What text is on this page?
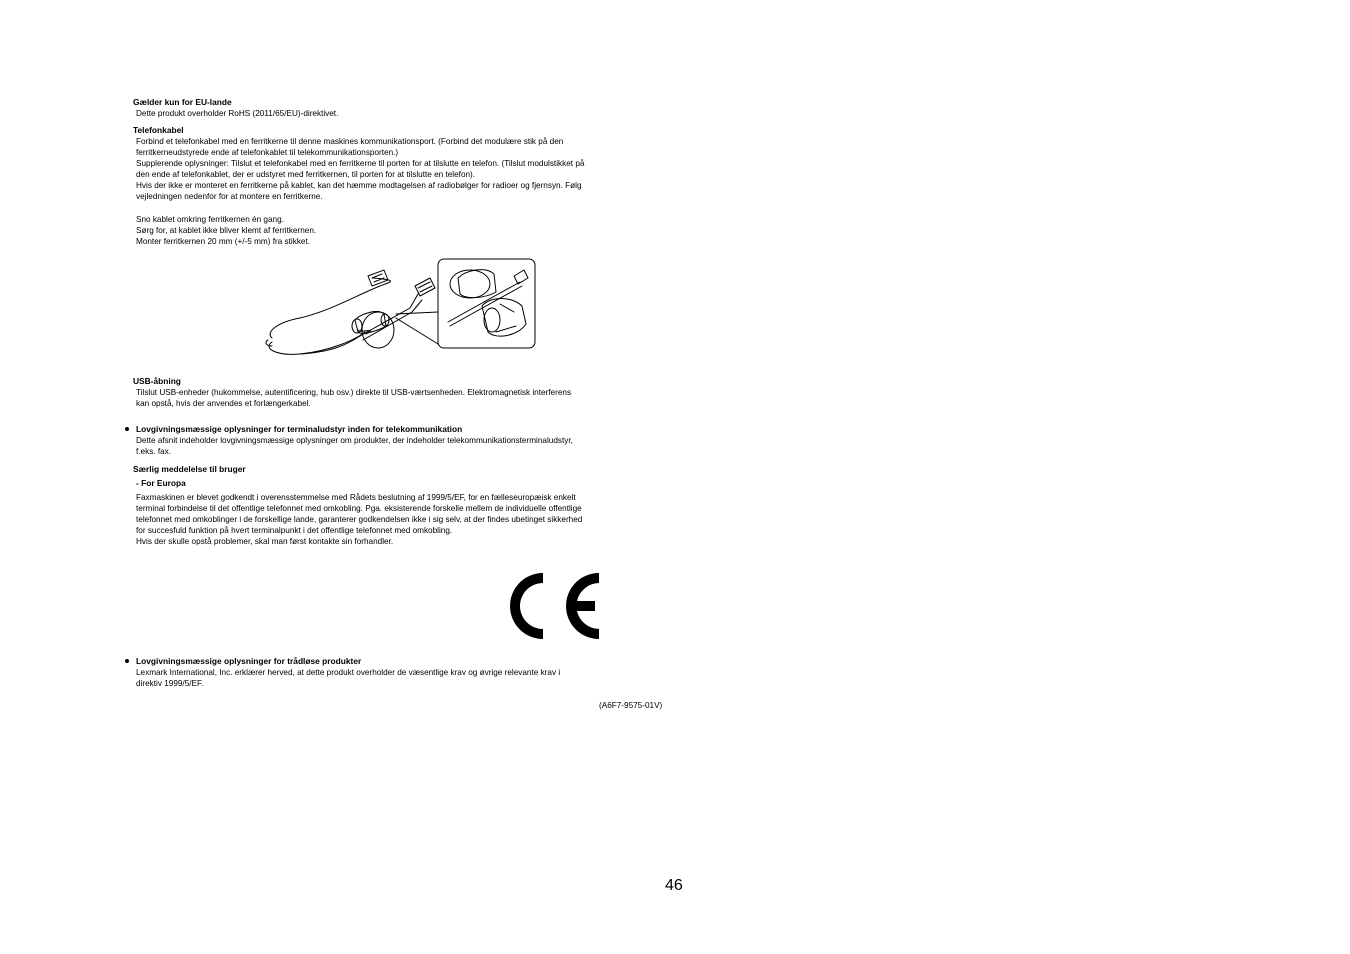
Gælder kun for EU-lande
Dette produkt overholder RoHS (2011/65/EU)-direktivet.
Telefonkabel
Forbind et telefonkabel med en ferritkerne til denne maskines kommunikationsport. (Forbind det modulære stik på den
ferritkerneudstyrede ende af telefonkablet til telekommunikationsporten.)
Supplerende oplysninger: Tilslut et telefonkabel med en ferritkerne til porten for at tilslutte en telefon. (Tilslut modulstikket på
den ende af telefonkablet, der er udstyret med ferritkernen, til porten for at tilslutte en telefon).
Hvis der ikke er monteret en ferritkerne på kablet, kan det hæmme modtagelsen af radiobølger for radioer og fjernsyn. Følg
vejledningen nedenfor for at montere en ferritkerne.
Sno kablet omkring ferritkernen én gang.
Sørg for, at kablet ikke bliver klemt af ferritkernen.
Monter ferritkernen 20 mm (+/-5 mm) fra stikket.
USB-åbning
Tilslut USB-enheder (hukommelse, autentificering, hub osv.) direkte til USB-værtsenheden. Elektromagnetisk interferens
kan opstå, hvis der anvendes et forlængerkabel.
Lovgivningsmæssige oplysninger for terminaludstyr inden for telekommunikation
Dette afsnit indeholder lovgivningsmæssige oplysninger om produkter, der indeholder telekommunikationsterminaludstyr,
f.eks. fax.
Særlig meddelelse til bruger
- For Europa
Faxmaskinen er blevet godkendt i overensstemmelse med Rådets beslutning af 1999/5/EF, for en fælleseuropæisk enkelt
terminal forbindelse til det offentlige telefonnet med omkobling. Pga. eksisterende forskelle mellem de individuelle offentlige
telefonnet med omkoblinger i de forskellige lande, garanterer godkendelsen ikke i sig selv, at der findes ubetinget sikkerhed
for succesfuld funktion på hvert terminalpunkt i det offentlige telefonnet med omkobling.
Hvis der skulle opstå problemer, skal man først kontakte sin forhandler.
Lovgivningsmæssige oplysninger for trådløse produkter
Lexmark International, Inc. erklærer herved, at dette produkt overholder de væsentlige krav og øvrige relevante krav i
direktiv 1999/5/EF.
(A6F7-9575-01V)
46
